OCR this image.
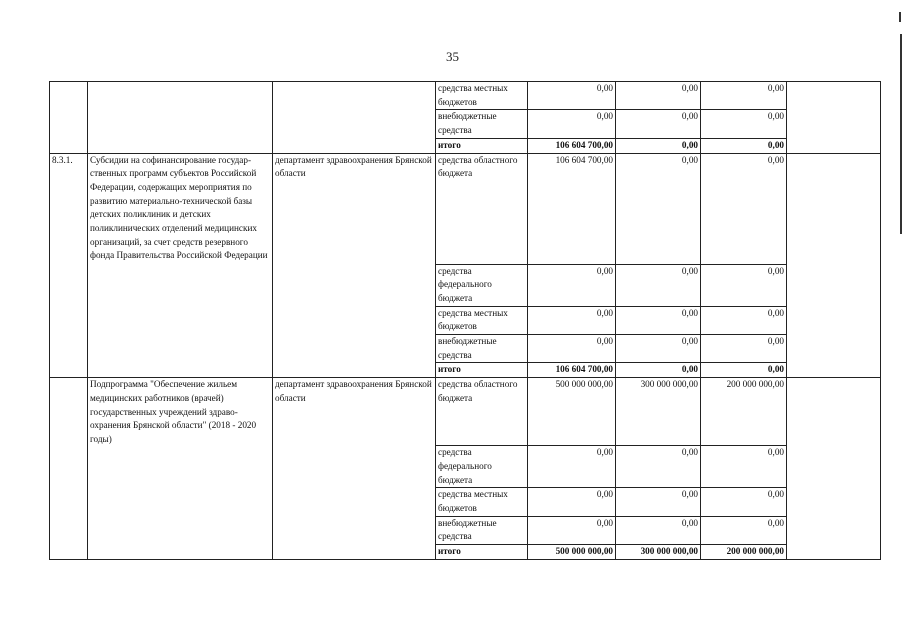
35
			средства местных бюджетов	0,00	0,00	0,00	
			внебюджетные средства	0,00	0,00	0,00	
			итого	106 604 700,00	0,00	0,00	
8.3.1.	Субсидии на софинансирование государ-ственных программ субъектов Российской Федерации, содержащих мероприятия по развитию материально-технической базы детских поликлиник и детских поликлинических отделений медицинских организаций, за счет средств резервного фонда Правительства Российской Федерации	департамент здравоохранения Брянской области	средства областного бюджета	106 604 700,00	0,00	0,00	
			средства федерального бюджета	0,00	0,00	0,00	
			средства местных бюджетов	0,00	0,00	0,00	
			внебюджетные средства	0,00	0,00	0,00	
			итого	106 604 700,00	0,00	0,00	
	Подпрограмма "Обеспечение жильем медицинских работников (врачей) государственных учреждений здраво-охранения Брянской области" (2018 - 2020 годы)	департамент здравоохранения Брянской области	средства областного бюджета	500 000 000,00	300 000 000,00	200 000 000,00	
			средства федерального бюджета	0,00	0,00	0,00	
			средства местных бюджетов	0,00	0,00	0,00	
			внебюджетные средства	0,00	0,00	0,00	
			итого	500 000 000,00	300 000 000,00	200 000 000,00	
